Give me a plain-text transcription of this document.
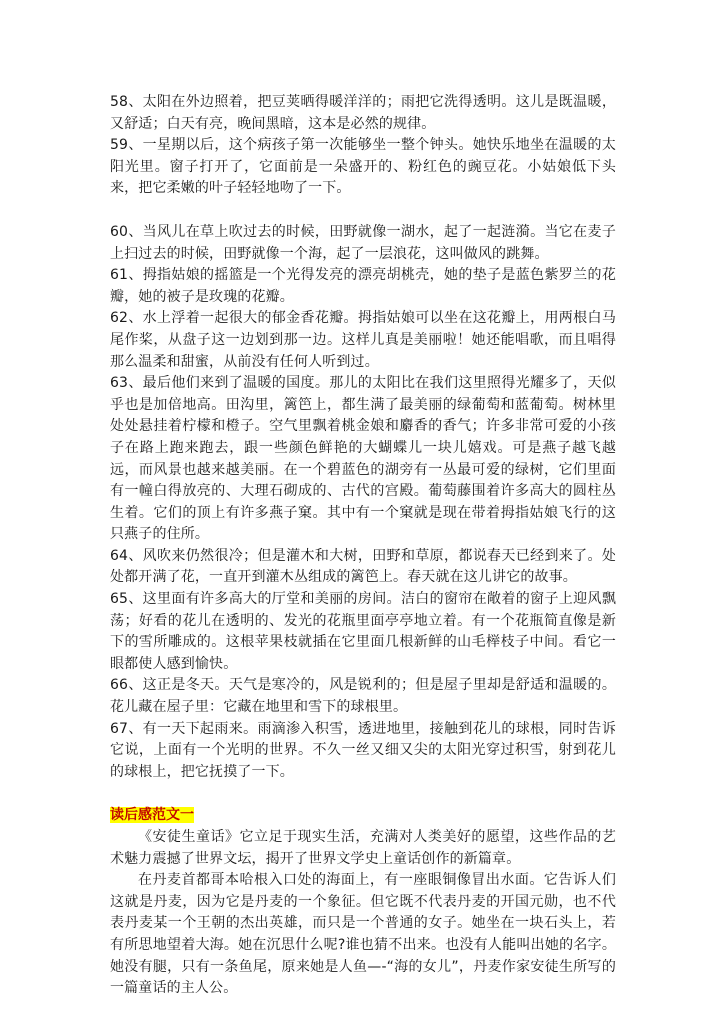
58、太阳在外边照着，把豆荚晒得暖洋洋的；雨把它洗得透明。这儿是既温暖，又舒适；白天有亮，晚间黑暗，这本是必然的规律。

59、一星期以后，这个病孩子第一次能够坐一整个钟头。她快乐地坐在温暖的太阳光里。窗子打开了，它面前是一朵盛开的、粉红色的豌豆花。小姑娘低下头来，把它柔嫩的叶子轻轻地吻了一下。

60、当风儿在草上吹过去的时候，田野就像一湖水，起了一起涟漪。当它在麦子上扫过去的时候，田野就像一个海，起了一层浪花，这叫做风的跳舞。

61、拇指姑娘的摇篮是一个光得发亮的漂亮胡桃壳，她的垫子是蓝色紫罗兰的花瓣，她的被子是玫瑰的花瓣。

62、水上浮着一起很大的郁金香花瓣。拇指姑娘可以坐在这花瓣上，用两根白马尾作桨，从盘子这一边划到那一边。这样儿真是美丽啦！她还能唱歌，而且唱得那么温柔和甜蜜，从前没有任何人听到过。

63、最后他们来到了温暖的国度。那儿的太阳比在我们这里照得光耀多了，天似乎也是加倍地高。田沟里，篱笆上，都生满了最美丽的绿葡萄和蓝葡萄。树林里处处悬挂着柠檬和橙子。空气里飘着桃金娘和麝香的香气；许多非常可爱的小孩子在路上跑来跑去，跟一些颜色鲜艳的大蝴蝶儿一块儿嬉戏。可是燕子越飞越远，而风景也越来越美丽。在一个碧蓝色的湖旁有一丛最可爱的绿树，它们里面有一幢白得放亮的、大理石砌成的、古代的宫殿。葡萄藤围着许多高大的圆柱丛生着。它们的顶上有许多燕子窠。其中有一个窠就是现在带着拇指姑娘飞行的这只燕子的住所。

64、风吹来仍然很冷；但是灌木和大树，田野和草原，都说春天已经到来了。处处都开满了花，一直开到灌木丛组成的篱笆上。春天就在这儿讲它的故事。

65、这里面有许多高大的厅堂和美丽的房间。洁白的窗帘在敞着的窗子上迎风飘荡；好看的花儿在透明的、发光的花瓶里面亭亭地立着。有一个花瓶简直像是新下的雪所雕成的。这根苹果枝就插在它里面几根新鲜的山毛榉枝子中间。看它一眼都使人感到愉快。

66、这正是冬天。天气是寒冷的，风是锐利的；但是屋子里却是舒适和温暖的。花儿藏在屋子里：它藏在地里和雪下的球根里。

67、有一天下起雨来。雨滴渗入积雪，透进地里，接触到花儿的球根，同时告诉它说，上面有一个光明的世界。不久一丝又细又尖的太阳光穿过积雪，射到花儿的球根上，把它抚摸了一下。

读后感范文一

《安徒生童话》它立足于现实生活，充满对人类美好的愿望，这些作品的艺术魅力震撼了世界文坛，揭开了世界文学史上童话创作的新篇章。

在丹麦首都哥本哈根入口处的海面上，有一座眼铜像冒出水面。它告诉人们这就是丹麦，因为它是丹麦的一个象征。但它既不代表丹麦的开国元勋，也不代表丹麦某一个王朝的杰出英雄，而只是一个普通的女子。她坐在一块石头上，若有所思地望着大海。她在沉思什么呢?谁也猜不出来。也没有人能叫出她的名字。她没有腿，只有一条鱼尾，原来她是人鱼—-“海的女儿”，丹麦作家安徒生所写的一篇童话的主人公。
